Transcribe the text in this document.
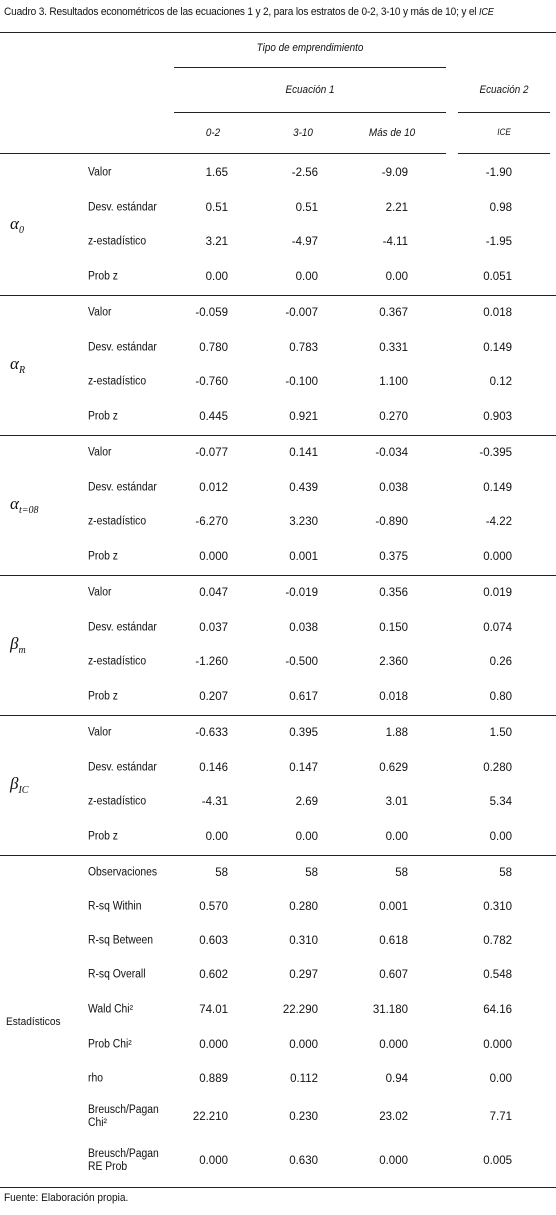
Cuadro 3. Resultados econométricos de las ecuaciones 1 y 2, para los estratos de 0-2, 3-10 y más de 10; y el ICE
Tipo de emprendimiento
Ecuación 1	Ecuación 2
0-2	3-10	Más de 10	ICE
$\alpha_0$
Valor	1.65	-2.56	-9.09	-1.90
Desv. estándar	0.51	0.51	2.21	0.98
z-estadístico	3.21	-4.97	-4.11	-1.95
Prob z	0.00	0.00	0.00	0.051
$\alpha_R$
Valor	-0.059	-0.007	0.367	0.018
Desv. estándar	0.780	0.783	0.331	0.149
z-estadístico	-0.760	-0.100	1.100	0.12
Prob z	0.445	0.921	0.270	0.903
$\alpha_{t=08}$
Valor	-0.077	0.141	-0.034	-0.395
Desv. estándar	0.012	0.439	0.038	0.149
z-estadístico	-6.270	3.230	-0.890	-4.22
Prob z	0.000	0.001	0.375	0.000
$\beta_m$
Valor	0.047	-0.019	0.356	0.019
Desv. estándar	0.037	0.038	0.150	0.074
z-estadístico	-1.260	-0.500	2.360	0.26
Prob z	0.207	0.617	0.018	0.80
$\beta_{IC}$
Valor	-0.633	0.395	1.88	1.50
Desv. estándar	0.146	0.147	0.629	0.280
z-estadístico	-4.31	2.69	3.01	5.34
Prob z	0.00	0.00	0.00	0.00
Observaciones	58	58	58	58
R-sq Within	0.570	0.280	0.001	0.310
R-sq Between	0.603	0.310	0.618	0.782
R-sq Overall	0.602	0.297	0.607	0.548
Wald Chi²	74.01	22.290	31.180	64.16
Prob Chi²	0.000	0.000	0.000	0.000
rho	0.889	0.112	0.94	0.00
Breusch/Pagan Chi²	22.210	0.230	23.02	7.71
Breusch/Pagan RE Prob	0.000	0.630	0.000	0.005
Estadísticos
Fuente: Elaboración propia.
